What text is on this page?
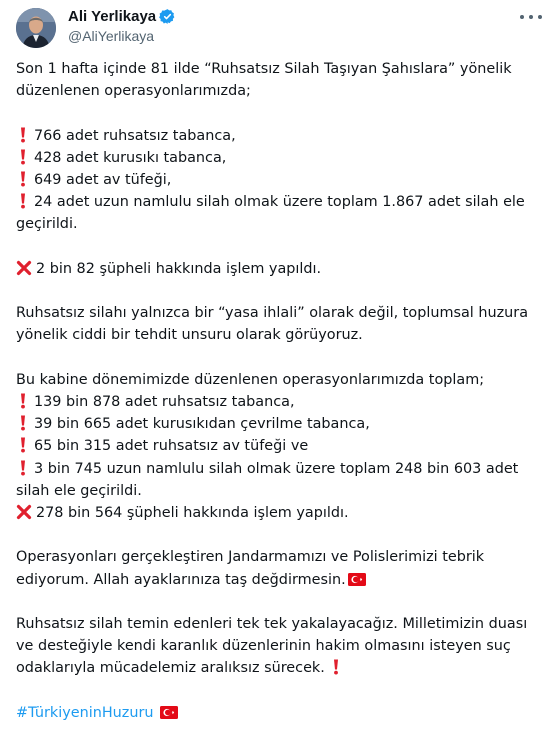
Ali Yerlikaya
@AliYerlikaya
Son 1 hafta içinde 81 ilde “Ruhsatsız Silah Taşıyan Şahıslara” yönelik
düzenlenen operasyonlarımızda;
766 adet ruhsatsız tabanca,
428 adet kurusıkı tabanca,
649 adet av tüfeği,
24 adet uzun namlulu silah olmak üzere toplam 1.867 adet silah ele
geçirildi.
2 bin 82 şüpheli hakkında işlem yapıldı.
Ruhsatsız silahı yalnızca bir “yasa ihlali” olarak değil, toplumsal huzura
yönelik ciddi bir tehdit unsuru olarak görüyoruz.
Bu kabine dönemimizde düzenlenen operasyonlarımızda toplam;
139 bin 878 adet ruhsatsız tabanca,
39 bin 665 adet kurusıkıdan çevrilme tabanca,
65 bin 315 adet ruhsatsız av tüfeği ve
3 bin 745 uzun namlulu silah olmak üzere toplam 248 bin 603 adet
silah ele geçirildi.
278 bin 564 şüpheli hakkında işlem yapıldı.
Operasyonları gerçekleştiren Jandarmamızı ve Polislerimizi tebrik
ediyorum. Allah ayaklarınıza taş değdirmesin.
Ruhsatsız silah temin edenleri tek tek yakalayacağız. Milletimizin duası
ve desteğiyle kendi karanlık düzenlerinin hakim olmasını isteyen suç
odaklarıyla mücadelemiz aralıksız sürecek.
#TürkiyeninHuzuru
